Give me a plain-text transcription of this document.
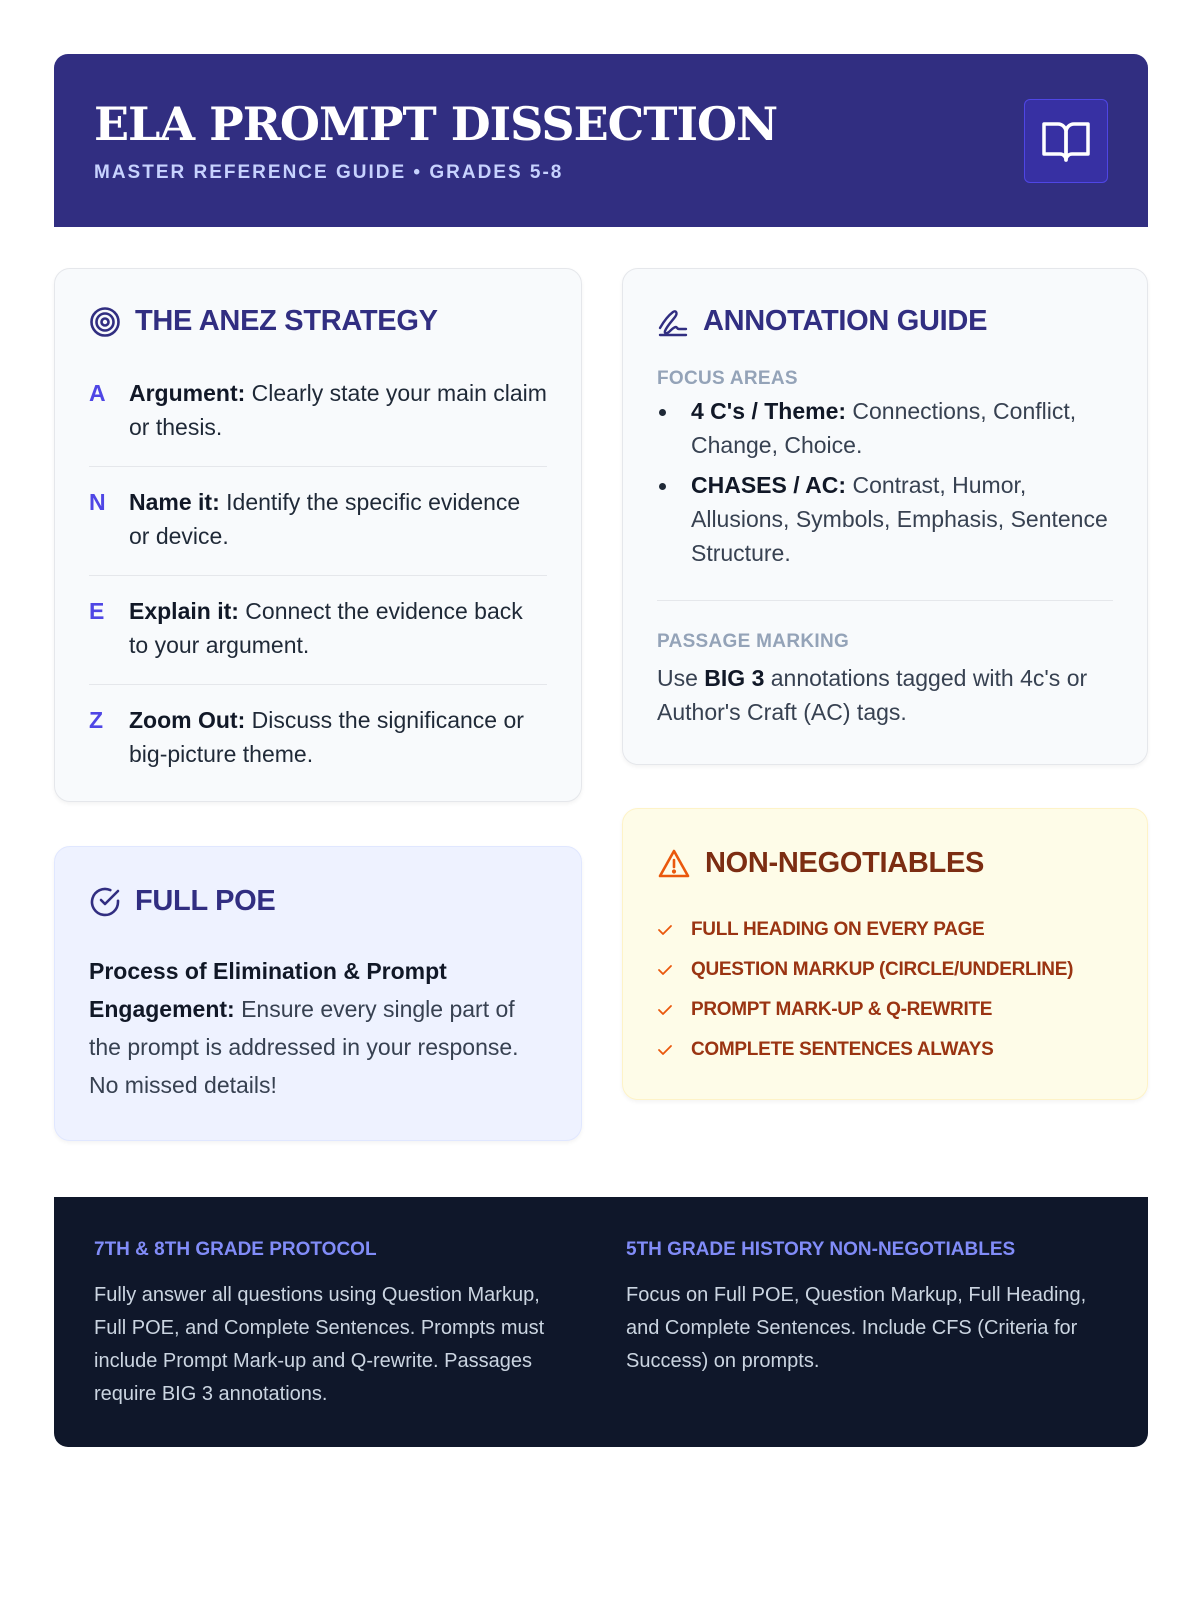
ELA PROMPT DISSECTION
MASTER REFERENCE GUIDE • GRADES 5-8
THE ANEZ STRATEGY
A	Argument: Clearly state your main claim or thesis.
N	Name it: Identify the specific evidence or device.
E	Explain it: Connect the evidence back to your argument.
Z	Zoom Out: Discuss the significance or big-picture theme.
ANNOTATION GUIDE
FOCUS AREAS
4 C's / Theme: Connections, Conflict, Change, Choice.
CHASES / AC: Contrast, Humor, Allusions, Symbols, Emphasis, Sentence Structure.
PASSAGE MARKING
Use BIG 3 annotations tagged with 4c's or Author's Craft (AC) tags.
NON-NEGOTIABLES
FULL HEADING ON EVERY PAGE
QUESTION MARKUP (CIRCLE/UNDERLINE)
PROMPT MARK-UP & Q-REWRITE
COMPLETE SENTENCES ALWAYS
FULL POE
Process of Elimination & Prompt Engagement: Ensure every single part of the prompt is addressed in your response. No missed details!
7TH & 8TH GRADE PROTOCOL
Fully answer all questions using Question Markup, Full POE, and Complete Sentences. Prompts must include Prompt Mark-up and Q-rewrite. Passages require BIG 3 annotations.
5TH GRADE HISTORY NON-NEGOTIABLES
Focus on Full POE, Question Markup, Full Heading, and Complete Sentences. Include CFS (Criteria for Success) on prompts.
